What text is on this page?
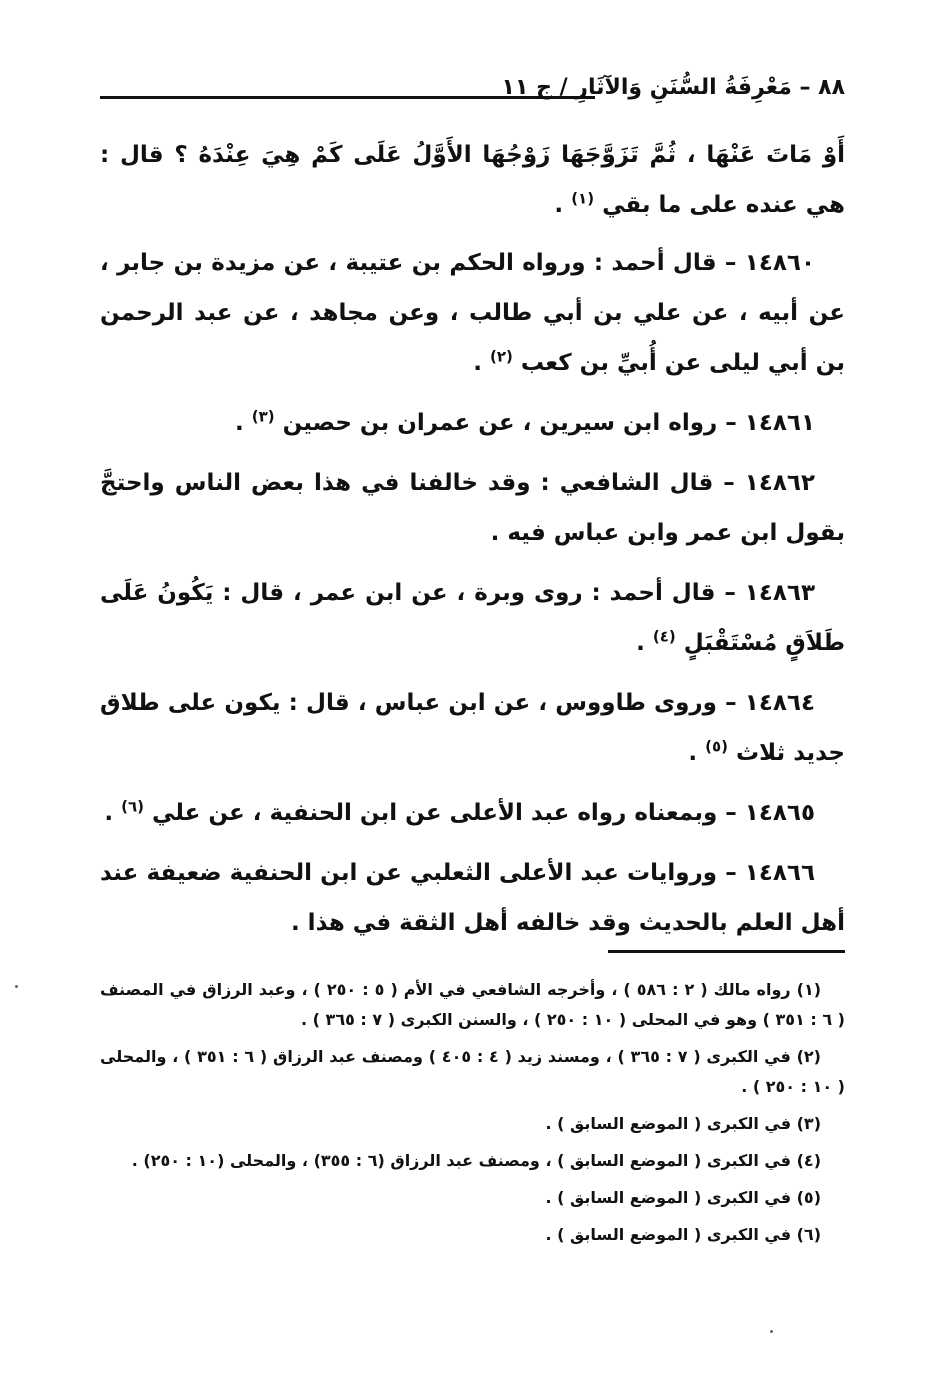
٨٨ – مَعْرِفَةُ السُّنَنِ وَالآثَارِ / ج ١١

أَوْ مَاتَ عَنْهَا ، ثُمَّ تَزَوَّجَهَا زَوْجُهَا الأَوَّلُ عَلَى كَمْ هِيَ عِنْدَهُ ؟ قال : هي عنده على ما بقي $^{(١)}$ .

١٤٨٦٠ – قال أحمد : ورواه الحكم بن عتيبة ، عن مزيدة بن جابر ، عن أبيه ، عن علي بن أبي طالب ، وعن مجاهد ، عن عبد الرحمن بن أبي ليلى عن أُبيِّ بن كعب $^{(٢)}$ .

١٤٨٦١ – رواه ابن سيرين ، عن عمران بن حصين $^{(٣)}$ .

١٤٨٦٢ – قال الشافعي : وقد خالفنا في هذا بعض الناس واحتجَّ بقول ابن عمر وابن عباس فيه .

١٤٨٦٣ – قال أحمد : روى وبرة ، عن ابن عمر ، قال : يَكُونُ عَلَى طَلاَقٍ مُسْتَقْبَلٍ $^{(٤)}$ .

١٤٨٦٤ – وروى طاووس ، عن ابن عباس ، قال : يكون على طلاق جديد ثلاث $^{(٥)}$ .

١٤٨٦٥ – وبمعناه رواه عبد الأعلى عن ابن الحنفية ، عن علي $^{(٦)}$ .

١٤٨٦٦ – وروايات عبد الأعلى الثعلبي عن ابن الحنفية ضعيفة عند أهل العلم بالحديث وقد خالفه أهل الثقة في هذا .

(١) رواه مالك ( ٢ : ٥٨٦ ) ، وأخرجه الشافعي في الأم ( ٥ : ٢٥٠ ) ، وعبد الرزاق في المصنف ( ٦ : ٣٥١ ) وهو في المحلى ( ١٠ : ٢٥٠ ) ، والسنن الكبرى ( ٧ : ٣٦٥ ) .

(٢) في الكبرى ( ٧ : ٣٦٥ ) ، ومسند زيد ( ٤ : ٤٠٥ ) ومصنف عبد الرزاق ( ٦ : ٣٥١ ) ، والمحلى ( ١٠ : ٢٥٠ ) .

(٣) في الكبرى ( الموضع السابق ) .

(٤) في الكبرى ( الموضع السابق ) ، ومصنف عبد الرزاق (٦ : ٣٥٥) ، والمحلى (١٠ : ٢٥٠) .

(٥) في الكبرى ( الموضع السابق ) .

(٦) في الكبرى ( الموضع السابق ) .
